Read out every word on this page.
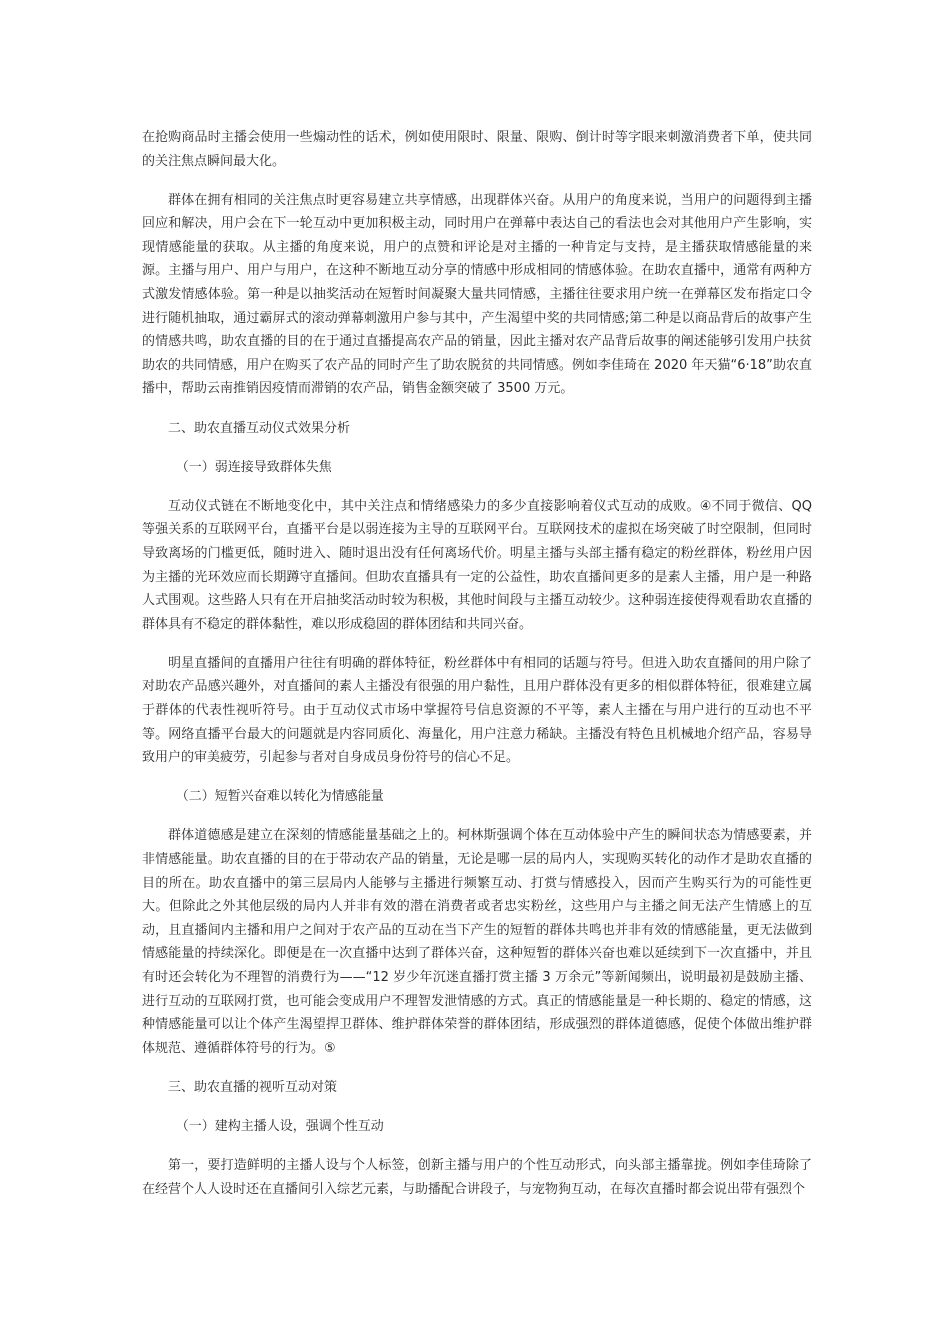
在抢购商品时主播会使用一些煽动性的话术，例如使用限时、限量、限购、倒计时等字眼来刺激消费者下单，使共同的关注焦点瞬间最大化。

群体在拥有相同的关注焦点时更容易建立共享情感，出现群体兴奋。从用户的角度来说，当用户的问题得到主播回应和解决，用户会在下一轮互动中更加积极主动，同时用户在弹幕中表达自己的看法也会对其他用户产生影响，实现情感能量的获取。从主播的角度来说，用户的点赞和评论是对主播的一种肯定与支持，是主播获取情感能量的来源。主播与用户、用户与用户，在这种不断地互动分享的情感中形成相同的情感体验。在助农直播中，通常有两种方式激发情感体验。第一种是以抽奖活动在短暂时间凝聚大量共同情感，主播往往要求用户统一在弹幕区发布指定口令进行随机抽取，通过霸屏式的滚动弹幕刺激用户参与其中，产生渴望中奖的共同情感;第二种是以商品背后的故事产生的情感共鸣，助农直播的目的在于通过直播提高农产品的销量，因此主播对农产品背后故事的阐述能够引发用户扶贫助农的共同情感，用户在购买了农产品的同时产生了助农脱贫的共同情感。例如李佳琦在 2020 年天猫“6·18”助农直播中，帮助云南推销因疫情而滞销的农产品，销售金额突破了 3500 万元。

二、助农直播互动仪式效果分析

（一）弱连接导致群体失焦

互动仪式链在不断地变化中，其中关注点和情绪感染力的多少直接影响着仪式互动的成败。④不同于微信、QQ 等强关系的互联网平台，直播平台是以弱连接为主导的互联网平台。互联网技术的虚拟在场突破了时空限制，但同时导致离场的门槛更低，随时进入、随时退出没有任何离场代价。明星主播与头部主播有稳定的粉丝群体，粉丝用户因为主播的光环效应而长期蹲守直播间。但助农直播具有一定的公益性，助农直播间更多的是素人主播，用户是一种路人式围观。这些路人只有在开启抽奖活动时较为积极，其他时间段与主播互动较少。这种弱连接使得观看助农直播的群体具有不稳定的群体黏性，难以形成稳固的群体团结和共同兴奋。

明星直播间的直播用户往往有明确的群体特征，粉丝群体中有相同的话题与符号。但进入助农直播间的用户除了对助农产品感兴趣外，对直播间的素人主播没有很强的用户黏性，且用户群体没有更多的相似群体特征，很难建立属于群体的代表性视听符号。由于互动仪式市场中掌握符号信息资源的不平等，素人主播在与用户进行的互动也不平等。网络直播平台最大的问题就是内容同质化、海量化，用户注意力稀缺。主播没有特色且机械地介绍产品，容易导致用户的审美疲劳，引起参与者对自身成员身份符号的信心不足。

（二）短暂兴奋难以转化为情感能量

群体道德感是建立在深刻的情感能量基础之上的。柯林斯强调个体在互动体验中产生的瞬间状态为情感要素，并非情感能量。助农直播的目的在于带动农产品的销量，无论是哪一层的局内人，实现购买转化的动作才是助农直播的目的所在。助农直播中的第三层局内人能够与主播进行频繁互动、打赏与情感投入，因而产生购买行为的可能性更大。但除此之外其他层级的局内人并非有效的潜在消费者或者忠实粉丝，这些用户与主播之间无法产生情感上的互动，且直播间内主播和用户之间对于农产品的互动在当下产生的短暂的群体共鸣也并非有效的情感能量，更无法做到情感能量的持续深化。即便是在一次直播中达到了群体兴奋，这种短暂的群体兴奋也难以延续到下一次直播中，并且有时还会转化为不理智的消费行为——“12 岁少年沉迷直播打赏主播 3 万余元”等新闻频出，说明最初是鼓励主播、进行互动的互联网打赏，也可能会变成用户不理智发泄情感的方式。真正的情感能量是一种长期的、稳定的情感，这种情感能量可以让个体产生渴望捍卫群体、维护群体荣誉的群体团结，形成强烈的群体道德感，促使个体做出维护群体规范、遵循群体符号的行为。⑤

三、助农直播的视听互动对策

（一）建构主播人设，强调个性互动

第一，要打造鲜明的主播人设与个人标签，创新主播与用户的个性互动形式，向头部主播靠拢。例如李佳琦除了在经营个人人设时还在直播间引入综艺元素，与助播配合讲段子，与宠物狗互动，在每次直播时都会说出带有强烈个
